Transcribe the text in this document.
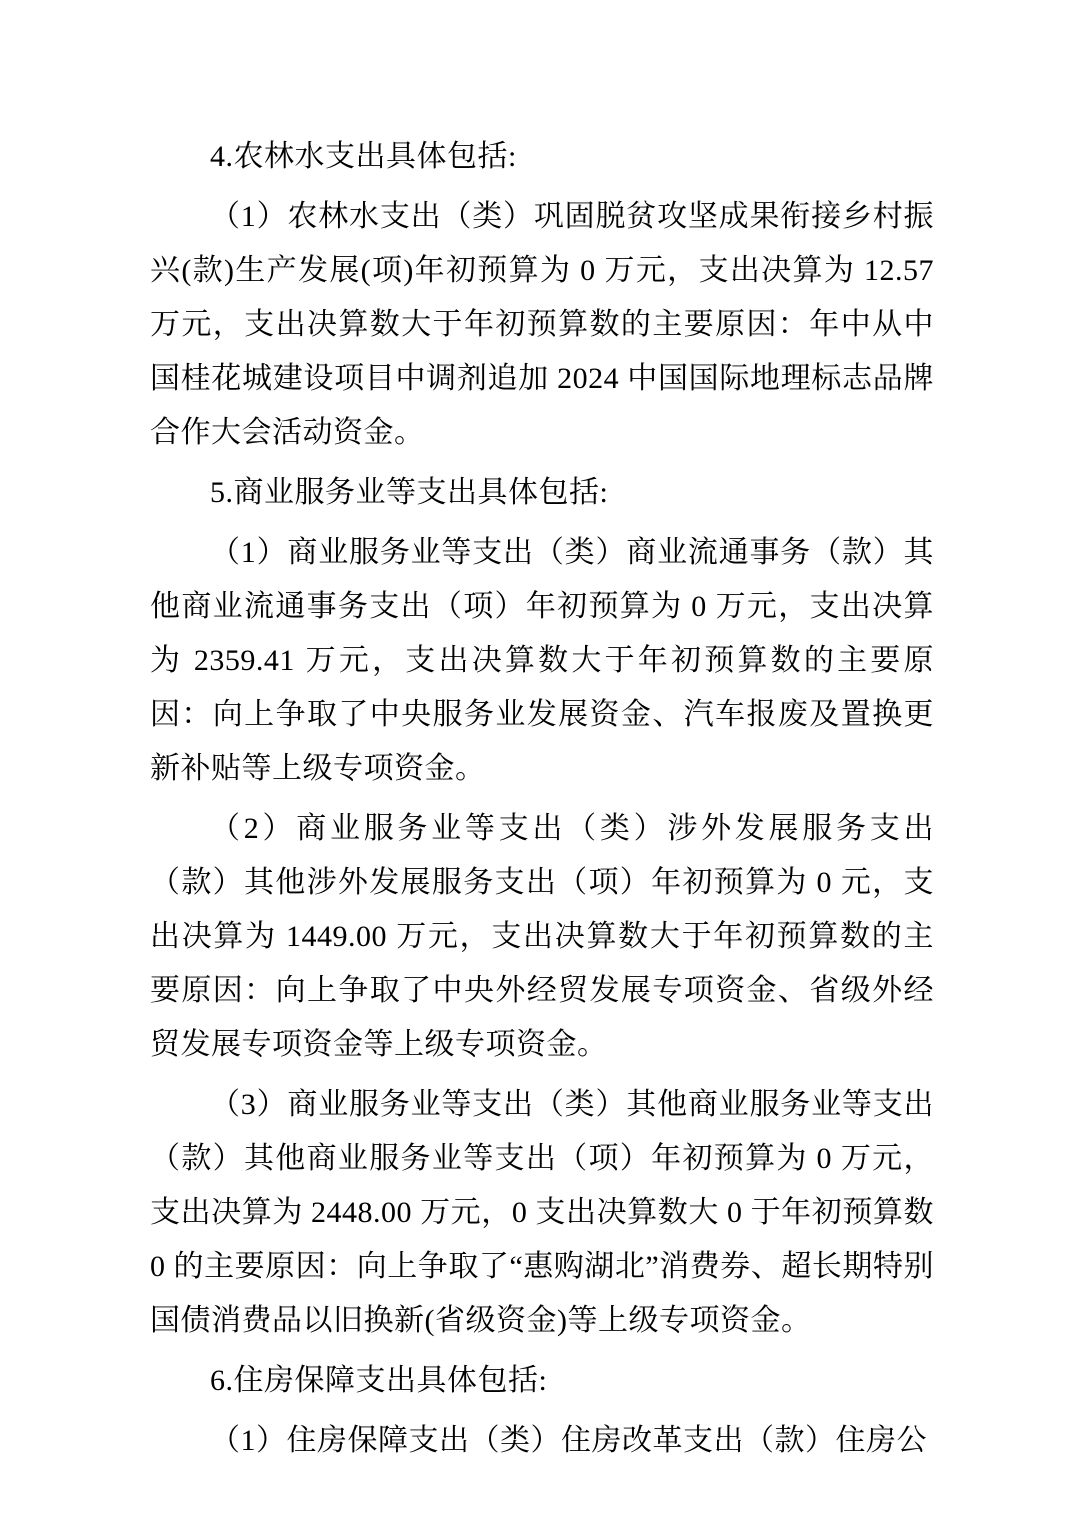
4.农林水支出具体包括:

（1）农林水支出（类）巩固脱贫攻坚成果衔接乡村振兴(款)生产发展(项)年初预算为 0 万元，支出决算为 12.57 万元，支出决算数大于年初预算数的主要原因：年中从中国桂花城建设项目中调剂追加 2024 中国国际地理标志品牌合作大会活动资金。

5.商业服务业等支出具体包括:

（1）商业服务业等支出（类）商业流通事务（款）其他商业流通事务支出（项）年初预算为 0 万元，支出决算为 2359.41 万元，支出决算数大于年初预算数的主要原因：向上争取了中央服务业发展资金、汽车报废及置换更新补贴等上级专项资金。

（2）商业服务业等支出（类）涉外发展服务支出（款）其他涉外发展服务支出（项）年初预算为 0 元，支出决算为 1449.00 万元，支出决算数大于年初预算数的主要原因：向上争取了中央外经贸发展专项资金、省级外经贸发展专项资金等上级专项资金。

（3）商业服务业等支出（类）其他商业服务业等支出（款）其他商业服务业等支出（项）年初预算为 0 万元，支出决算为 2448.00 万元，0 支出决算数大 0 于年初预算数 0 的主要原因：向上争取了“惠购湖北”消费券、超长期特别国债消费品以旧换新(省级资金)等上级专项资金。

6.住房保障支出具体包括:

（1）住房保障支出（类）住房改革支出（款）住房公
